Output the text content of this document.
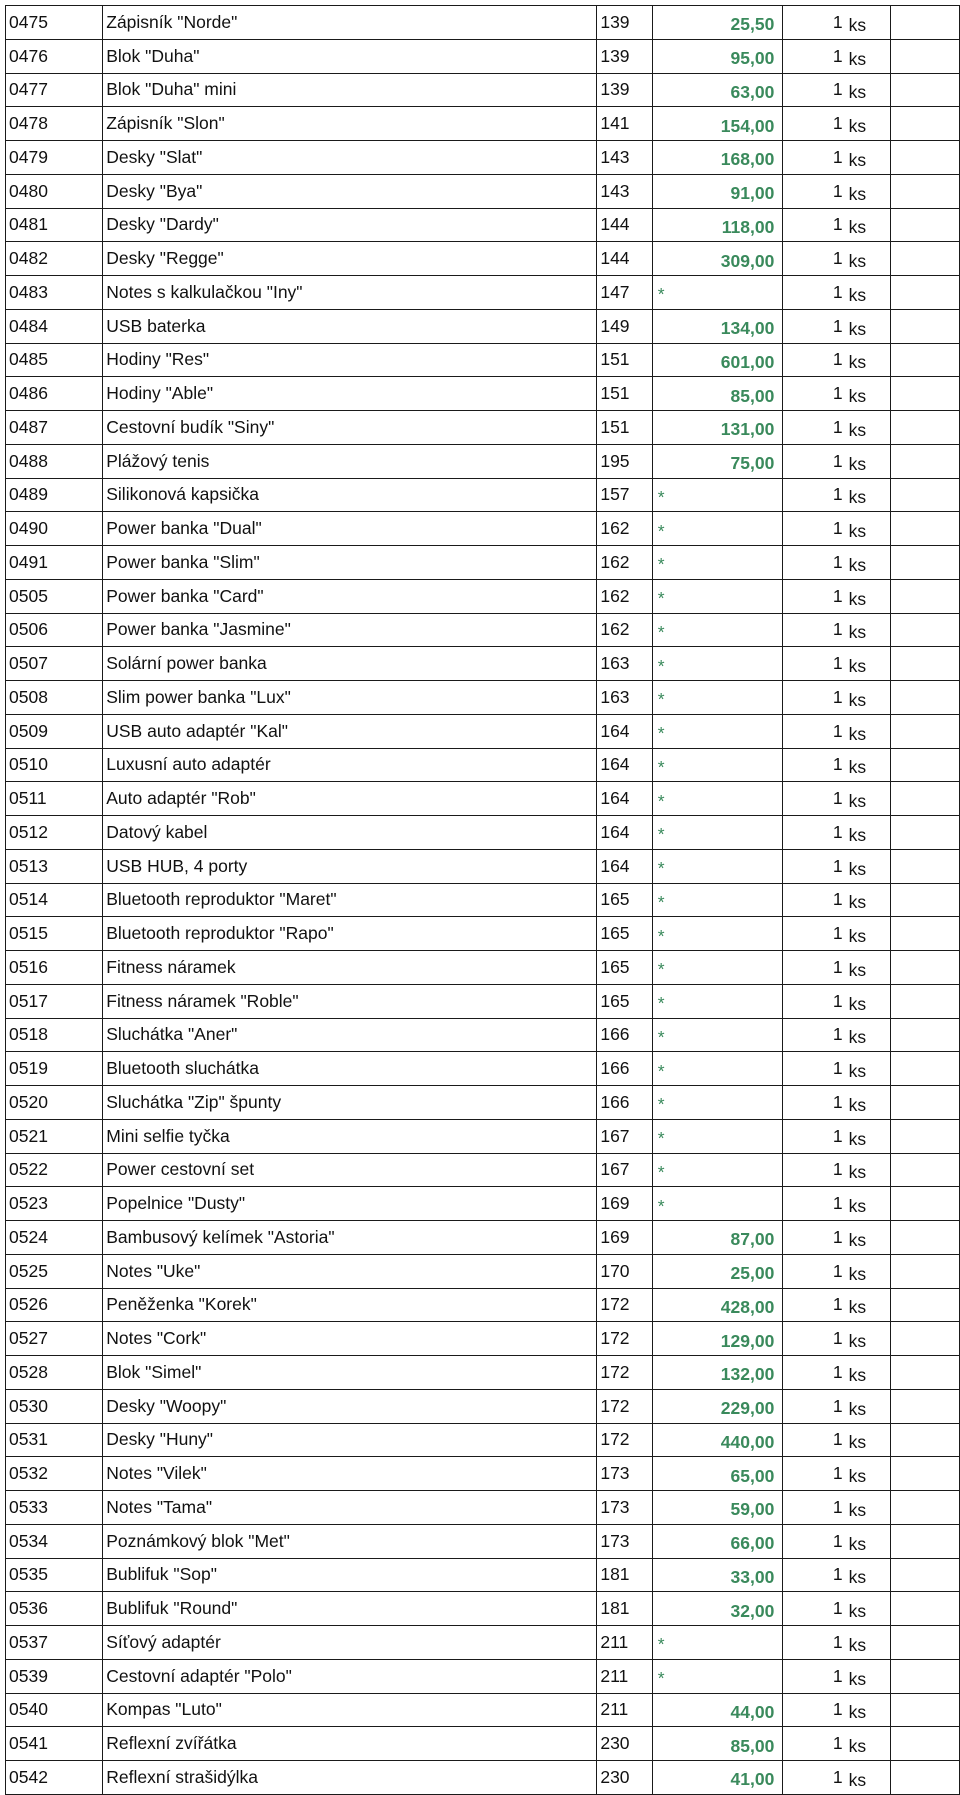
0475	Zápisník "Norde"	139	25,50	1	ks	
0476	Blok "Duha"	139	95,00	1	ks	
0477	Blok "Duha" mini	139	63,00	1	ks	
0478	Zápisník "Slon"	141	154,00	1	ks	
0479	Desky "Slat"	143	168,00	1	ks	
0480	Desky "Bya"	143	91,00	1	ks	
0481	Desky "Dardy"	144	118,00	1	ks	
0482	Desky "Regge"	144	309,00	1	ks	
0483	Notes s kalkulačkou "Iny"	147	*	1	ks	
0484	USB baterka	149	134,00	1	ks	
0485	Hodiny "Res"	151	601,00	1	ks	
0486	Hodiny "Able"	151	85,00	1	ks	
0487	Cestovní budík "Siny"	151	131,00	1	ks	
0488	Plážový tenis	195	75,00	1	ks	
0489	Silikonová kapsička	157	*	1	ks	
0490	Power banka "Dual"	162	*	1	ks	
0491	Power banka "Slim"	162	*	1	ks	
0505	Power banka "Card"	162	*	1	ks	
0506	Power banka "Jasmine"	162	*	1	ks	
0507	Solární power banka	163	*	1	ks	
0508	Slim power banka "Lux"	163	*	1	ks	
0509	USB auto adaptér "Kal"	164	*	1	ks	
0510	Luxusní auto adaptér	164	*	1	ks	
0511	Auto adaptér "Rob"	164	*	1	ks	
0512	Datový kabel	164	*	1	ks	
0513	USB HUB, 4 porty	164	*	1	ks	
0514	Bluetooth reproduktor "Maret"	165	*	1	ks	
0515	Bluetooth reproduktor "Rapo"	165	*	1	ks	
0516	Fitness náramek	165	*	1	ks	
0517	Fitness náramek "Roble"	165	*	1	ks	
0518	Sluchátka "Aner"	166	*	1	ks	
0519	Bluetooth sluchátka	166	*	1	ks	
0520	Sluchátka "Zip" špunty	166	*	1	ks	
0521	Mini selfie tyčka	167	*	1	ks	
0522	Power cestovní set	167	*	1	ks	
0523	Popelnice "Dusty"	169	*	1	ks	
0524	Bambusový kelímek "Astoria"	169	87,00	1	ks	
0525	Notes "Uke"	170	25,00	1	ks	
0526	Peněženka "Korek"	172	428,00	1	ks	
0527	Notes "Cork"	172	129,00	1	ks	
0528	Blok "Simel"	172	132,00	1	ks	
0530	Desky "Woopy"	172	229,00	1	ks	
0531	Desky "Huny"	172	440,00	1	ks	
0532	Notes "Vilek"	173	65,00	1	ks	
0533	Notes "Tama"	173	59,00	1	ks	
0534	Poznámkový blok "Met"	173	66,00	1	ks	
0535	Bublifuk "Sop"	181	33,00	1	ks	
0536	Bublifuk "Round"	181	32,00	1	ks	
0537	Síťový adaptér	211	*	1	ks	
0539	Cestovní adaptér "Polo"	211	*	1	ks	
0540	Kompas "Luto"	211	44,00	1	ks	
0541	Reflexní zvířátka	230	85,00	1	ks	
0542	Reflexní strašidýlka	230	41,00	1	ks	
